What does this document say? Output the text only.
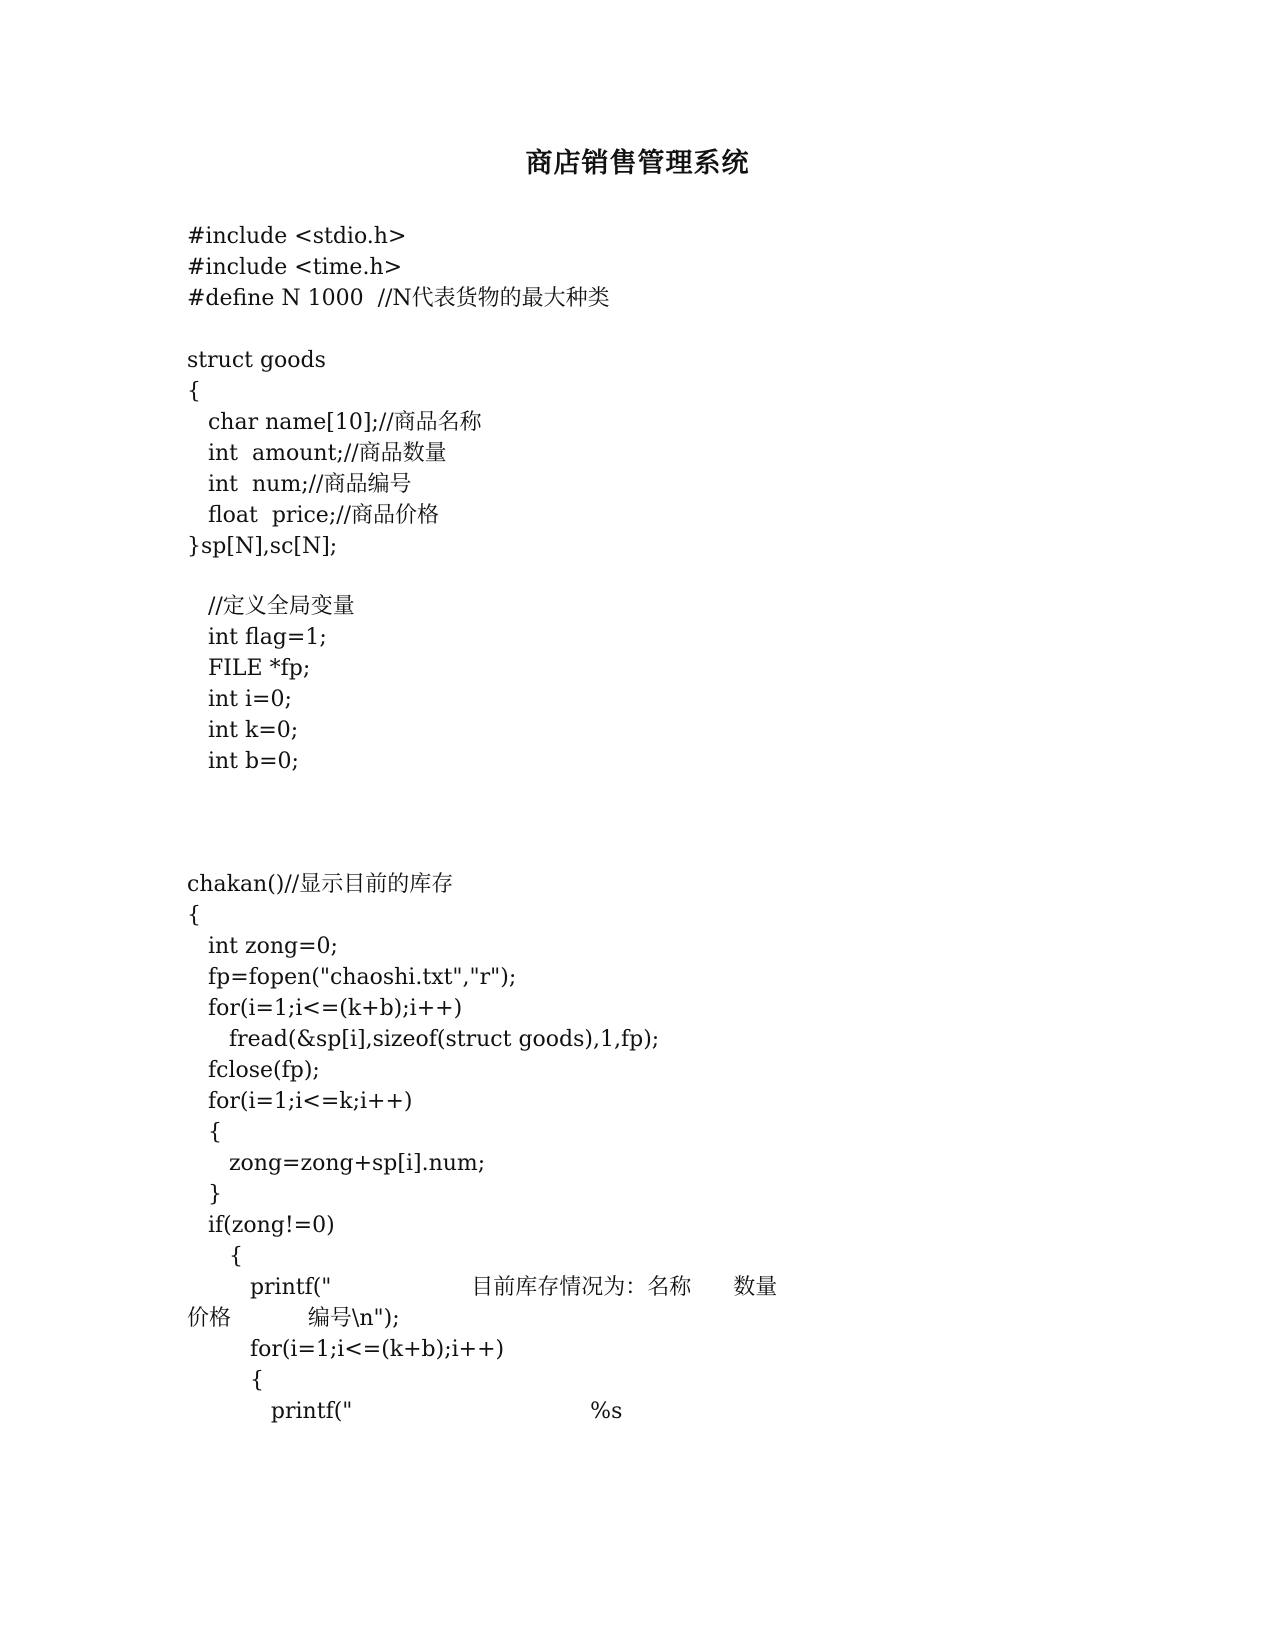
商店销售管理系统
#include <stdio.h>
#include <time.h>
#define N 1000  //N代表货物的最大种类
struct goods
{
char name[10];//商品名称
int  amount;//商品数量
int  num;//商品编号
float  price;//商品价格
}sp[N],sc[N];
//定义全局变量
int flag=1;
FILE *fp;
int i=0;
int k=0;
int b=0;
chakan()//显示目前的库存
{
int zong=0;
fp=fopen("chaoshi.txt","r");
for(i=1;i<=(k+b);i++)
fread(&sp[i],sizeof(struct goods),1,fp);
fclose(fp);
for(i=1;i<=k;i++)
{
zong=zong+sp[i].num;
}
if(zong!=0)
{
printf("                    目前库存情况为：名称      数量
价格           编号\n");
for(i=1;i<=(k+b);i++)
{
printf("                                  %s
